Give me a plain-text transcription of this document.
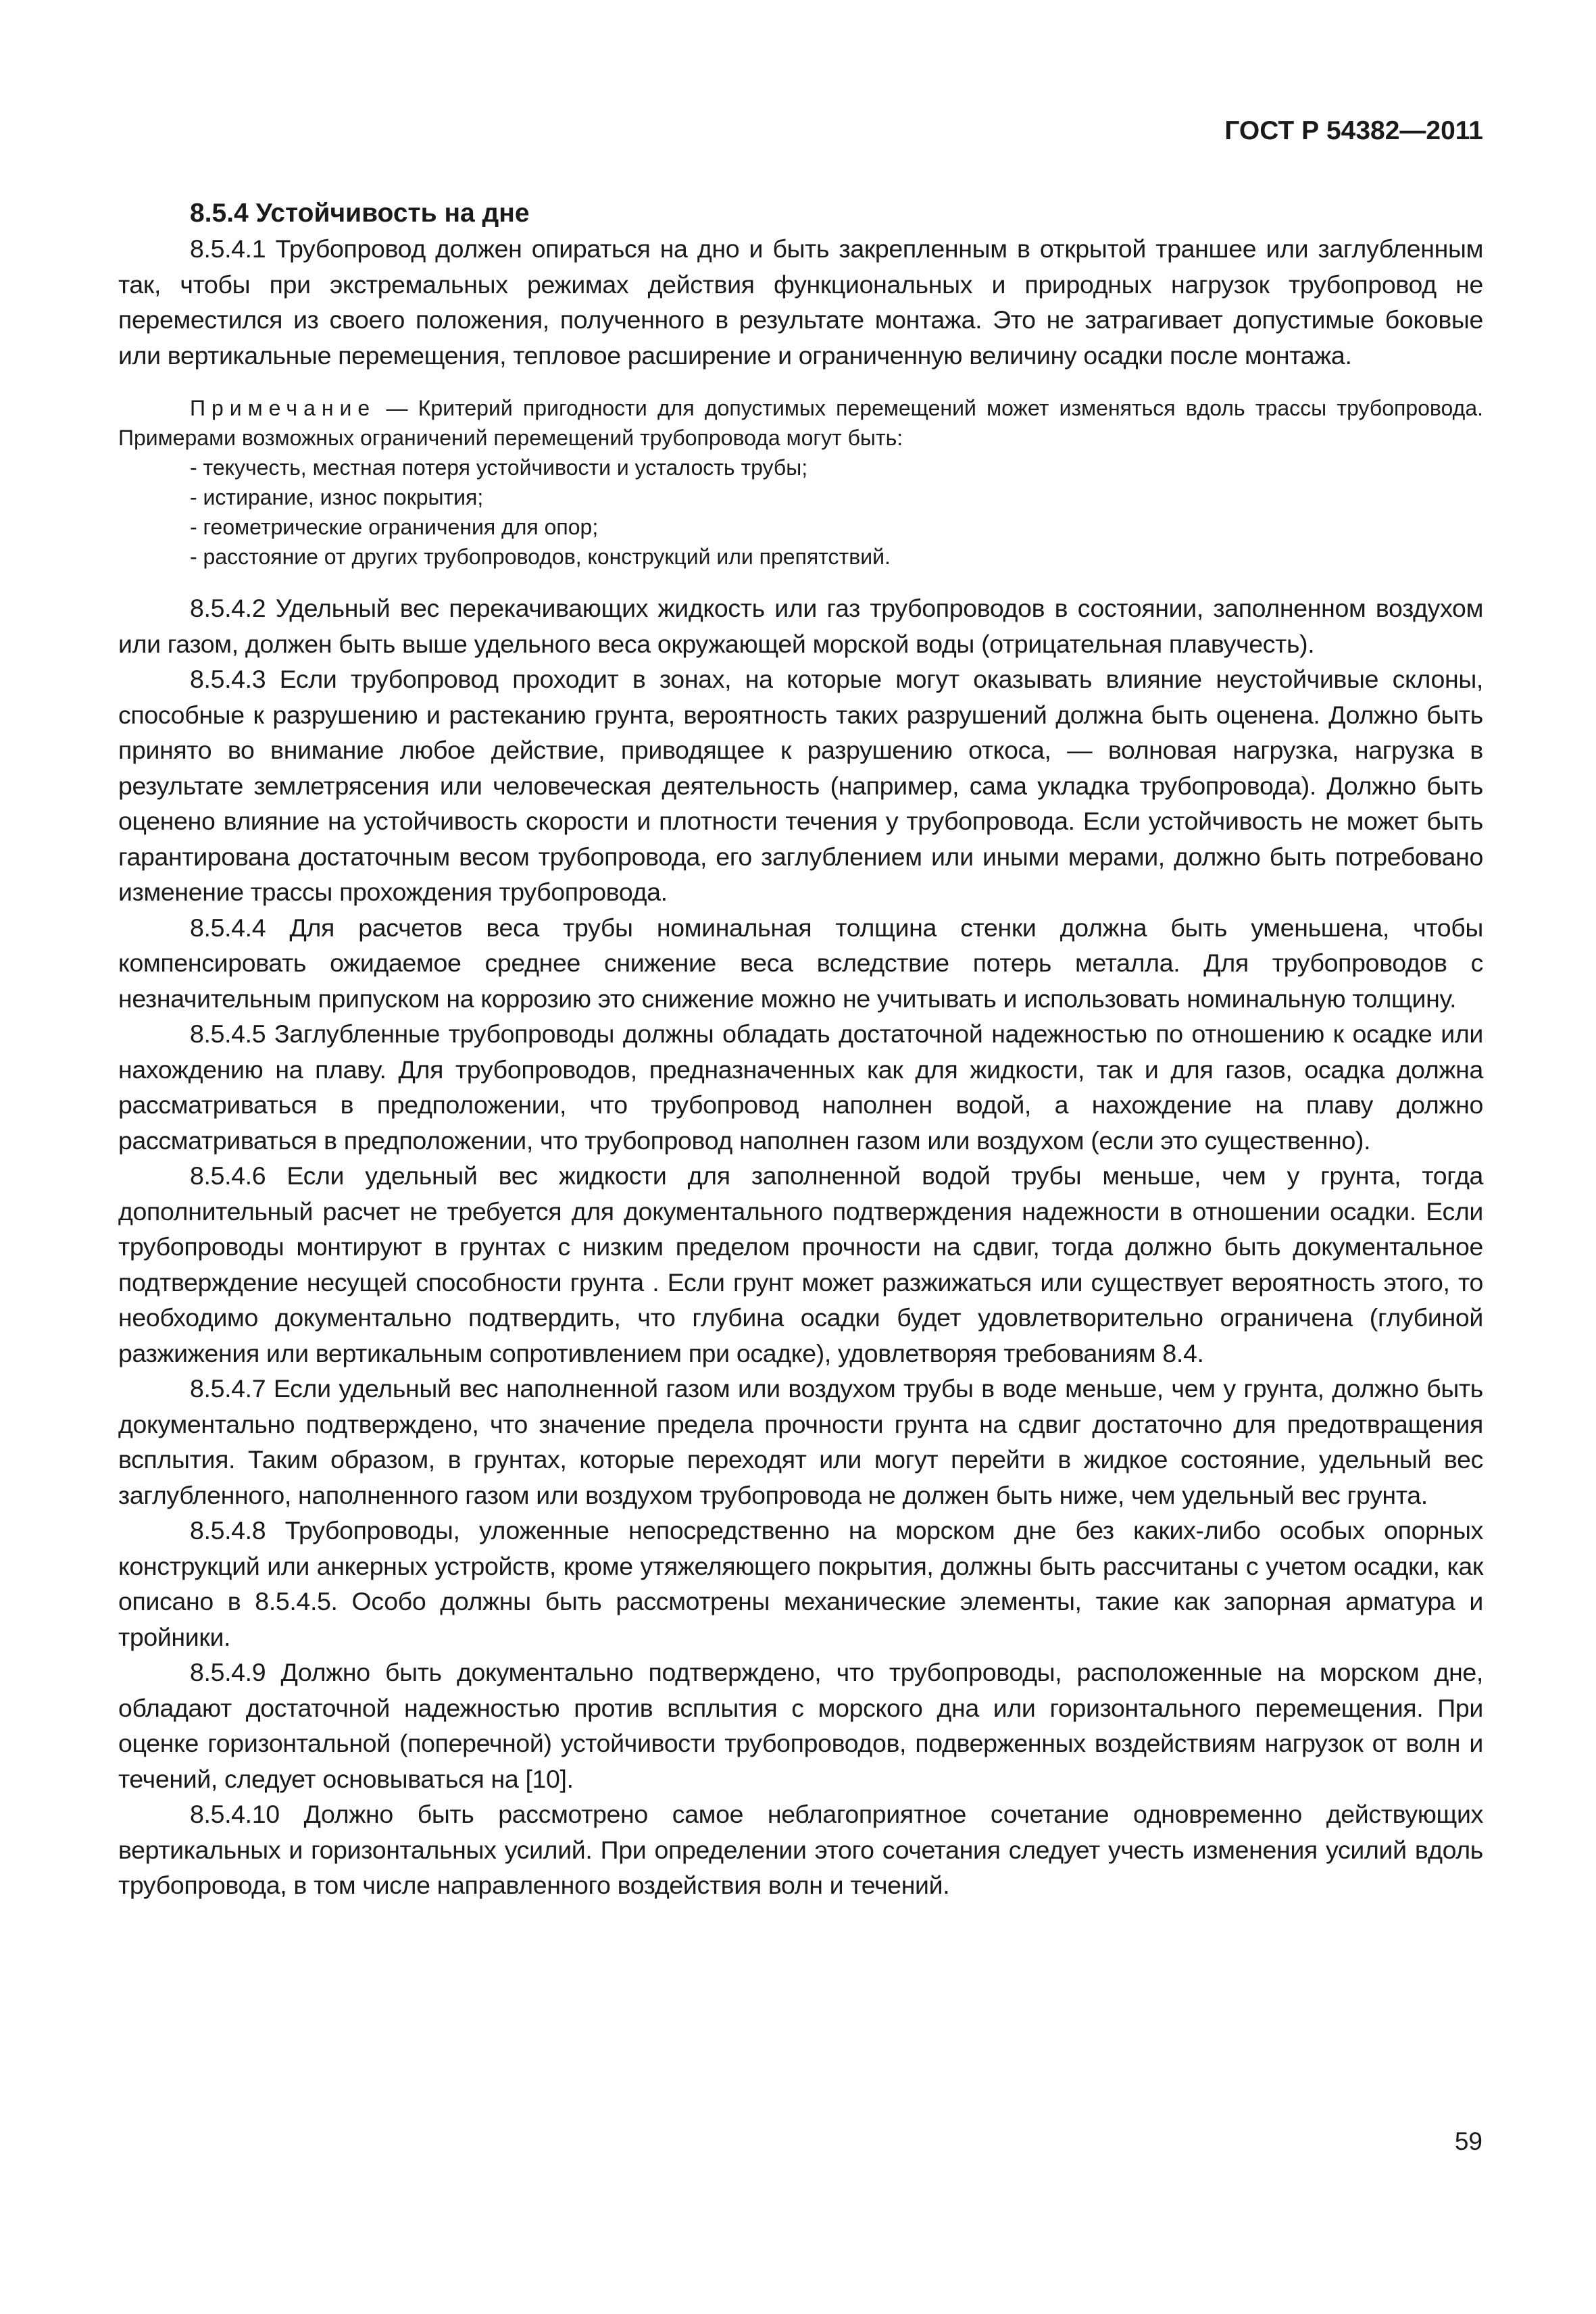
ГОСТ Р 54382—2011

8.5.4 Устойчивость на дне

8.5.4.1 Трубопровод должен опираться на дно и быть закрепленным в открытой траншее или заглубленным так, чтобы при экстремальных режимах действия функциональных и природных нагрузок трубопровод не переместился из своего положения, полученного в результате монтажа. Это не затрагивает допустимые боковые или вертикальные перемещения, тепловое расширение и ограниченную величину осадки после монтажа.

Примечание — Критерий пригодности для допустимых перемещений может изменяться вдоль трассы трубопровода. Примерами возможных ограничений перемещений трубопровода могут быть:

- текучесть, местная потеря устойчивости и усталость трубы;
- истирание, износ покрытия;
- геометрические ограничения для опор;
- расстояние от других трубопроводов, конструкций или препятствий.

8.5.4.2 Удельный вес перекачивающих жидкость или газ трубопроводов в состоянии, заполненном воздухом или газом, должен быть выше удельного веса окружающей морской воды (отрицательная плавучесть).

8.5.4.3 Если трубопровод проходит в зонах, на которые могут оказывать влияние неустойчивые склоны, способные к разрушению и растеканию грунта, вероятность таких разрушений должна быть оценена. Должно быть принято во внимание любое действие, приводящее к разрушению откоса, — волновая нагрузка, нагрузка в результате землетрясения или человеческая деятельность (например, сама укладка трубопровода). Должно быть оценено влияние на устойчивость скорости и плотности течения у трубопровода. Если устойчивость не может быть гарантирована достаточным весом трубопровода, его заглублением или иными мерами, должно быть потребовано изменение трассы прохождения трубопровода.

8.5.4.4 Для расчетов веса трубы номинальная толщина стенки должна быть уменьшена, чтобы компенсировать ожидаемое среднее снижение веса вследствие потерь металла. Для трубопроводов с незначительным припуском на коррозию это снижение можно не учитывать и использовать номинальную толщину.

8.5.4.5 Заглубленные трубопроводы должны обладать достаточной надежностью по отношению к осадке или нахождению на плаву. Для трубопроводов, предназначенных как для жидкости, так и для газов, осадка должна рассматриваться в предположении, что трубопровод наполнен водой, а нахождение на плаву должно рассматриваться в предположении, что трубопровод наполнен газом или воздухом (если это существенно).

8.5.4.6 Если удельный вес жидкости для заполненной водой трубы меньше, чем у грунта, тогда дополнительный расчет не требуется для документального подтверждения надежности в отношении осадки. Если трубопроводы монтируют в грунтах с низким пределом прочности на сдвиг, тогда должно быть документальное подтверждение несущей способности грунта . Если грунт может разжижаться или существует вероятность этого, то необходимо документально подтвердить, что глубина осадки будет удовлетворительно ограничена (глубиной разжижения или вертикальным сопротивлением при осадке), удовлетворяя требованиям 8.4.

8.5.4.7 Если удельный вес наполненной газом или воздухом трубы в воде меньше, чем у грунта, должно быть документально подтверждено, что значение предела прочности грунта на сдвиг достаточно для предотвращения всплытия. Таким образом, в грунтах, которые переходят или могут перейти в жидкое состояние, удельный вес заглубленного, наполненного газом или воздухом трубопровода не должен быть ниже, чем удельный вес грунта.

8.5.4.8 Трубопроводы, уложенные непосредственно на морском дне без каких-либо особых опорных конструкций или анкерных устройств, кроме утяжеляющего покрытия, должны быть рассчитаны с учетом осадки, как описано в 8.5.4.5. Особо должны быть рассмотрены механические элементы, такие как запорная арматура и тройники.

8.5.4.9 Должно быть документально подтверждено, что трубопроводы, расположенные на морском дне, обладают достаточной надежностью против всплытия с морского дна или горизонтального перемещения. При оценке горизонтальной (поперечной) устойчивости трубопроводов, подверженных воздействиям нагрузок от волн и течений, следует основываться на [10].

8.5.4.10 Должно быть рассмотрено самое неблагоприятное сочетание одновременно действующих вертикальных и горизонтальных усилий. При определении этого сочетания следует учесть изменения усилий вдоль трубопровода, в том числе направленного воздействия волн и течений.

59
